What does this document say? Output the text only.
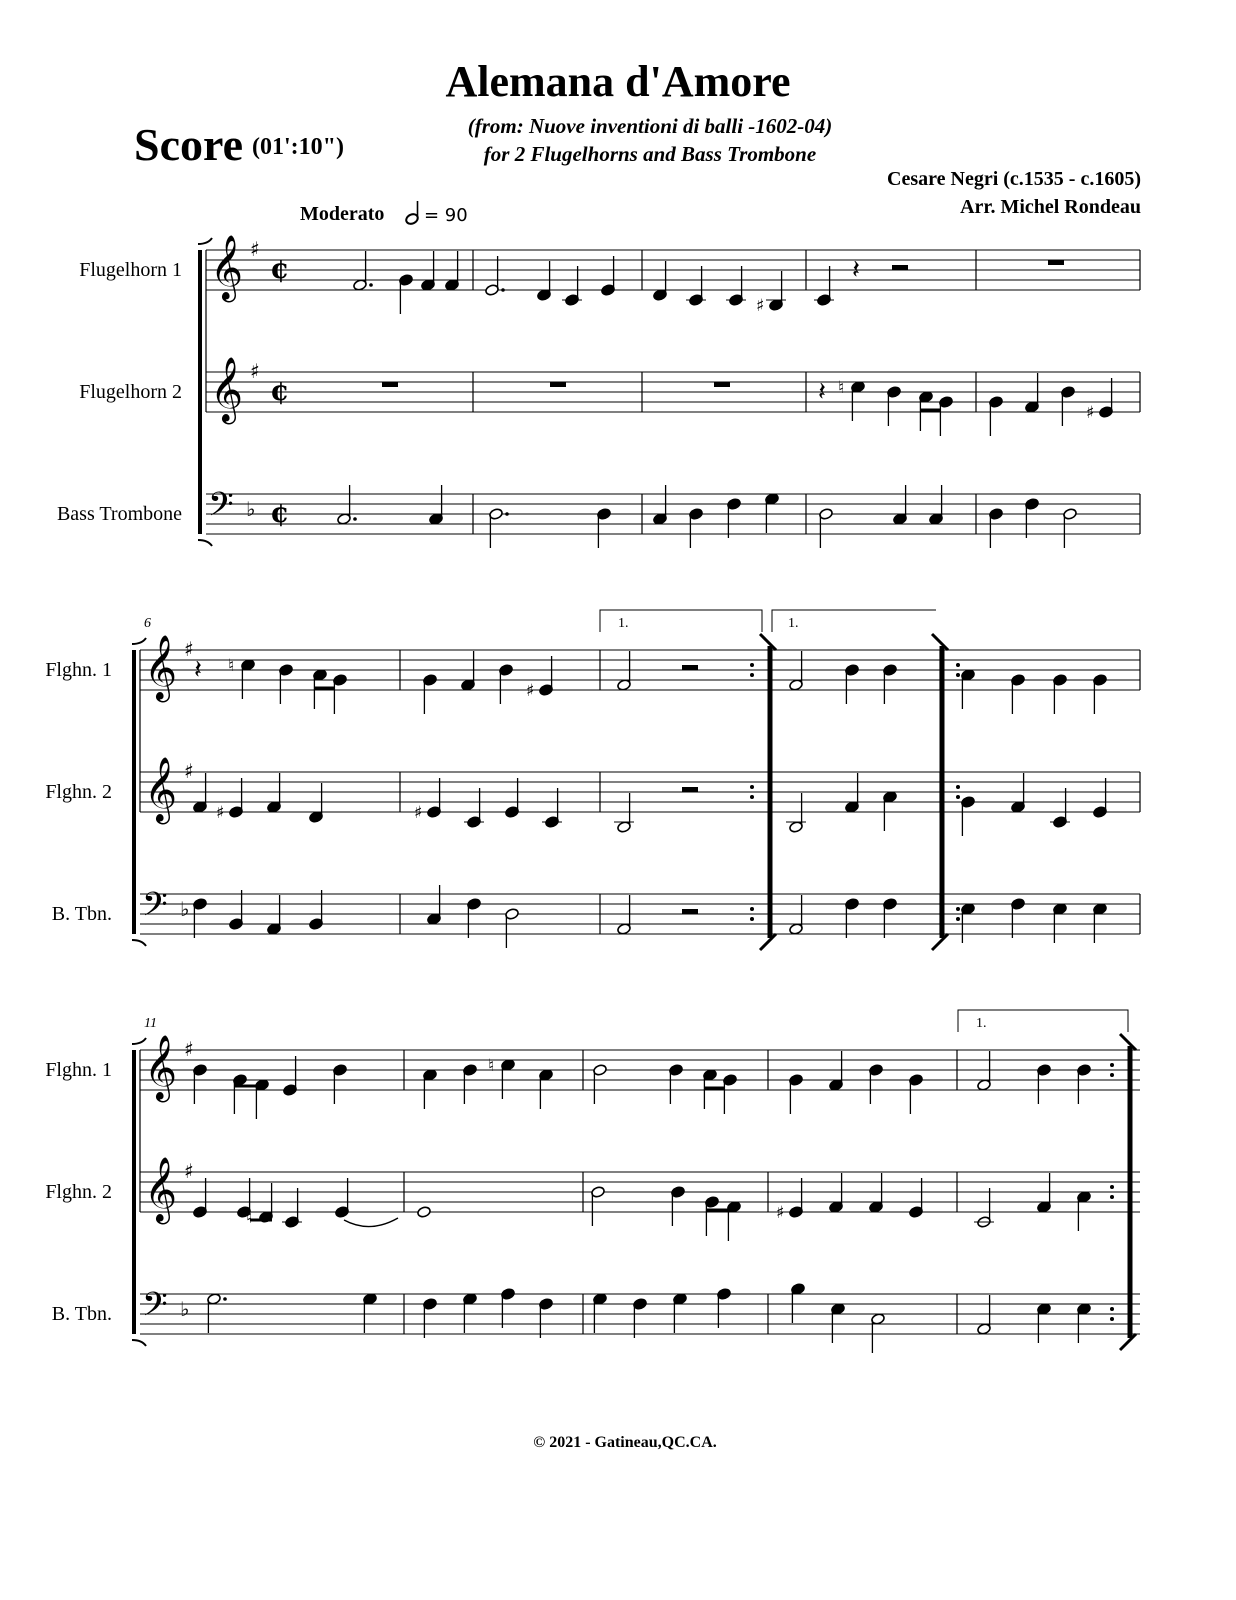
Alemana d'Amore
(from: Nuove inventioni di balli -1602-04)
for 2 Flugelhorns and Bass Trombone
Score (01':10")
Cesare Negri (c.1535 - c.1605)
Arr. Michel Rondeau
Moderato = 90
Flugelhorn 1
Flugelhorn 2
Bass Trombone
Flghn. 1
Flghn. 2
B. Tbn.
Flghn. 1
Flghn. 2
B. Tbn.
6
11
1.	1.
1.
𝄞 ♯
¢
𝄞 ♯
¢
𝄢 ♭ ¢
𝄞 ♯
𝄞 ♯
𝄢 ♭
𝄞 ♯
𝄞 ♯
𝄢 ♭
♯
𝄽
𝄽 ♮
♯
𝄽 ♮
♯
♯	♯
♮
♮	♯
© 2021 - Gatineau,QC.CA.
